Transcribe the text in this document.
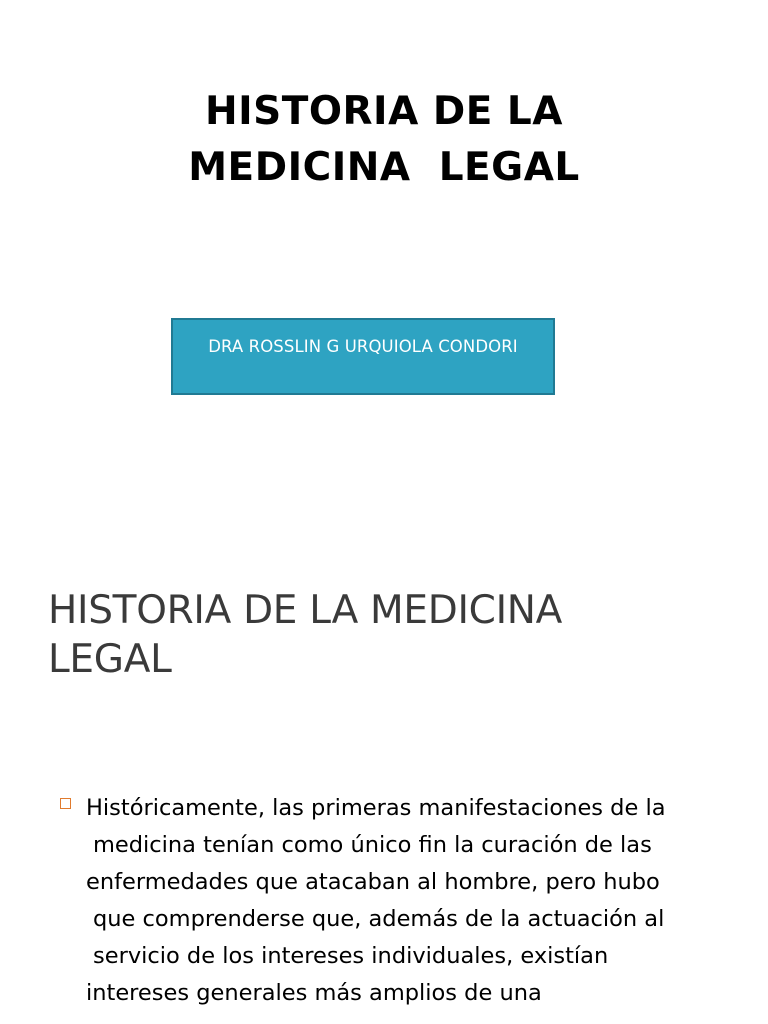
HISTORIA DE LA
MEDICINA  LEGAL
DRA ROSSLIN G URQUIOLA CONDORI
HISTORIA DE LA MEDICINA
LEGAL
Históricamente, las primeras manifestaciones de la
medicina tenían como único fin la curación de las
enfermedades que atacaban al hombre, pero hubo
que comprenderse que, además de la actuación al
servicio de los intereses individuales, existían
intereses generales más amplios de una
